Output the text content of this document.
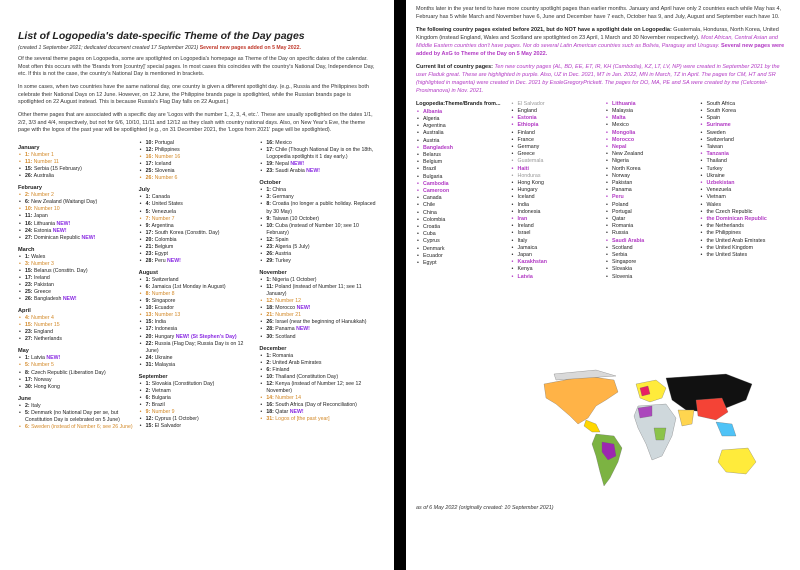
List of Logopedia's date-specific Theme of the Day pages
(created 1 September 2021; dedicated document created 17 September 2021) Several new pages added on 5 May 2022.

Of the several theme pages on Logopedia, some are spotlighted on Logopedia's homepage as Theme of the Day on specific dates of the calendar. Most often this occurs with the 'Brands from [country]' special pages. In most cases this coincides with the country's National Day, Independence Day, etc. If this is not the case, the country's National Day is mentioned in brackets.

In some cases, when two countries have the same national day, one country is given a different spotlight day. (e.g., Russia and the Philippines both celebrate their National Days on 12 June. However, on 12 June, the Philippine brands page is spotlighted, while the Russian brands page is spotlighted on 22 August instead. This is because Russia's Flag Day falls on 22 August.)

Other theme pages that are associated with a specific day are 'Logos with the number 1, 2, 3, 4, etc.'. These are usually spotlighted on the dates 1/1, 2/2, 3/3 and 4/4, respectively, but not for 6/6, 10/10, 11/11 and 12/12 as they clash with country national days. Also, on New Year's Eve, the theme page with the logos of the past year will be spotlighted (e.g., on 31 December 2021, the 'Logos from 2021' page will be spotlighted).

January
• 1: Number 1
• 11: Number 11
• 15: Serbia (15 February)
• 26: Australia
February
• 2: Number 2
• 6: New Zealand (Waitangi Day)
• 10: Number 10
• 11: Japan
• 16: Lithuania NEW!
• 24: Estonia NEW!
• 27: Dominican Republic NEW!
March
• 1: Wales
• 3: Number 3
• 15: Belarus (Constitn. Day)
• 17: Ireland
• 23: Pakistan
• 25: Greece
• 26: Bangladesh NEW!
April
• 4: Number 4
• 15: Number 15
• 23: England
• 27: Netherlands
May
• 1: Latvia NEW!
• 5: Number 5
• 8: Czech Republic (Liberation Day)
• 17: Norway
• 30: Hong Kong
June
• 2: Italy
• 5: Denmark (no National Day per se, but Constitution Day is celebrated on 5 June)
• 6: Sweden (instead of Number 6; see 26 June)
• 10: Portugal
• 12: Philippines
• 16: Number 16
• 17: Iceland
• 25: Slovenia
• 26: Number 6
July
• 1: Canada
• 4: United States
• 5: Venezuela
• 7: Number 7
• 9: Argentina
• 17: South Korea (Constitn. Day)
• 20: Colombia
• 21: Belgium
• 23: Egypt
• 28: Peru NEW!
August
• 1: Switzerland
• 6: Jamaica (1st Monday in August)
• 8: Number 8
• 9: Singapore
• 10: Ecuador
• 13: Number 13
• 15: India
• 17: Indonesia
• 20: Hungary NEW! (St Stephen's Day)
• 22: Russia (Flag Day; Russia Day is on 12 June)
• 24: Ukraine
• 31: Malaysia
September
• 1: Slovakia (Constitution Day)
• 2: Vietnam
• 6: Bulgaria
• 7: Brazil
• 9: Number 9
• 12: Cyprus (1 October)
• 15: El Salvador
• 16: Mexico
• 17: Chile (Though National Day is on the 18th, Logopedia spotlights it 1 day early.)
• 19: Nepal NEW!
• 23: Saudi Arabia NEW!
October
• 1: China
• 3: Germany
• 8: Croatia (no longer a public holiday. Replaced by 30 May)
• 9: Taiwan (10 October)
• 10: Cuba (instead of Number 10; see 10 February)
• 12: Spain
• 23: Algeria (5 July)
• 26: Austria
• 29: Turkey
November
• 1: Nigeria (1 October)
• 11: Poland (instead of Number 11; see 11 January)
• 12: Number 12
• 18: Morocco NEW!
• 21: Number 21
• 26: Israel (near the beginning of Hanukkah)
• 28: Panama NEW!
• 30: Scotland
December
• 1: Romania
• 2: United Arab Emirates
• 6: Finland
• 10: Thailand (Constitution Day)
• 12: Kenya (instead of Number 12; see 12 November)
• 14: Number 14
• 16: South Africa (Day of Reconciliation)
• 18: Qatar NEW!
• 31: Logos of [the past year]

Months later in the year tend to have more country spotlight pages than earlier months. January and April have only 2 countries each while May has 4, February has 5 while March and November have 6, June and December have 7 each, October has 9, and July, August and September each have 10.

The following country pages existed before 2021, but do NOT have a spotlight date on Logopedia: Guatemala, Honduras, North Korea, United Kingdom (instead England, Wales and Scotland are spotlighted on 23 April, 1 March and 30 November respectively). Most African, Central Asian and Middle Eastern countries don't have pages. Nor do several Latin American countries such as Bolivia, Paraguay and Uruguay. Several new pages were added by AxG to Theme of the Day on 5 May 2022.

Current list of country pages: Ten new country pages (AL, BD, EE, ET, IR, KH (Cambodia), KZ, LT, LV, NP) were created in September 2021 by the user Fladuk great. These are highlighted in purple. Also, UZ in Dec. 2021, MT in Jan. 2022, MN in March, TZ in April. The pages for CM, HT and SR (highlighted in magenta) were created in Dec. 2021 by EsoleGregoryPrickett. The pages for DO, MA, PE and SA were created by me (Celcontel-Proximanova) in Nov. 2021.

Logopedia:Theme/Brands from...
• Albania
• Algeria
• Argentina
• Australia
• Austria
• Bangladesh
• Belarus
• Belgium
• Brazil
• Bulgaria
• Cambodia
• Cameroon
• Canada
• Chile
• China
• Colombia
• Croatia
• Cuba
• Cyprus
• Denmark
• Ecuador
• Egypt
• El Salvador
• England
• Estonia
• Ethiopia
• Finland
• France
• Germany
• Greece
• Guatemala
• Haiti
• Honduras
• Hong Kong
• Hungary
• Iceland
• India
• Indonesia
• Iran
• Ireland
• Israel
• Italy
• Jamaica
• Japan
• Kazakhstan
• Kenya
• Latvia
• Lithuania
• Malaysia
• Malta
• Mexico
• Mongolia
• Morocco
• Nepal
• New Zealand
• Nigeria
• North Korea
• Norway
• Pakistan
• Panama
• Peru
• Poland
• Portugal
• Qatar
• Romania
• Russia
• Saudi Arabia
• Scotland
• Serbia
• Singapore
• Slovakia
• Slovenia
• South Africa
• South Korea
• Spain
• Suriname
• Sweden
• Switzerland
• Taiwan
• Tanzania
• Thailand
• Turkey
• Ukraine
• Uzbekistan
• Venezuela
• Vietnam
• Wales
• the Czech Republic
• the Dominican Republic
• the Netherlands
• the Philippines
• the United Arab Emirates
• the United Kingdom
• the United States
as of 6 May 2022 (originally created: 10 September 2021)
